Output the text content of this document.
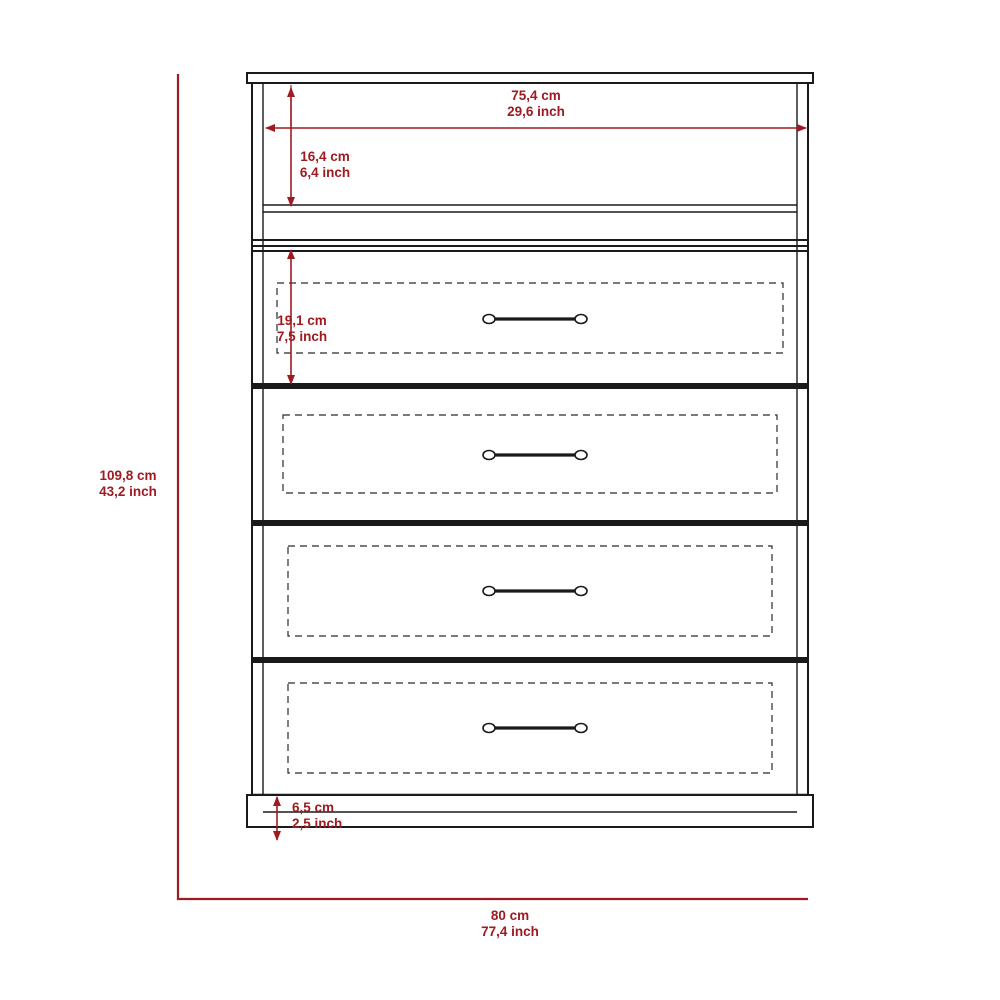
75,4 cm
29,6 inch
16,4 cm
6,4 inch
19,1 cm
7,5 inch
109,8 cm
43,2 inch
6,5 cm
2,5 inch
80 cm
77,4 inch
